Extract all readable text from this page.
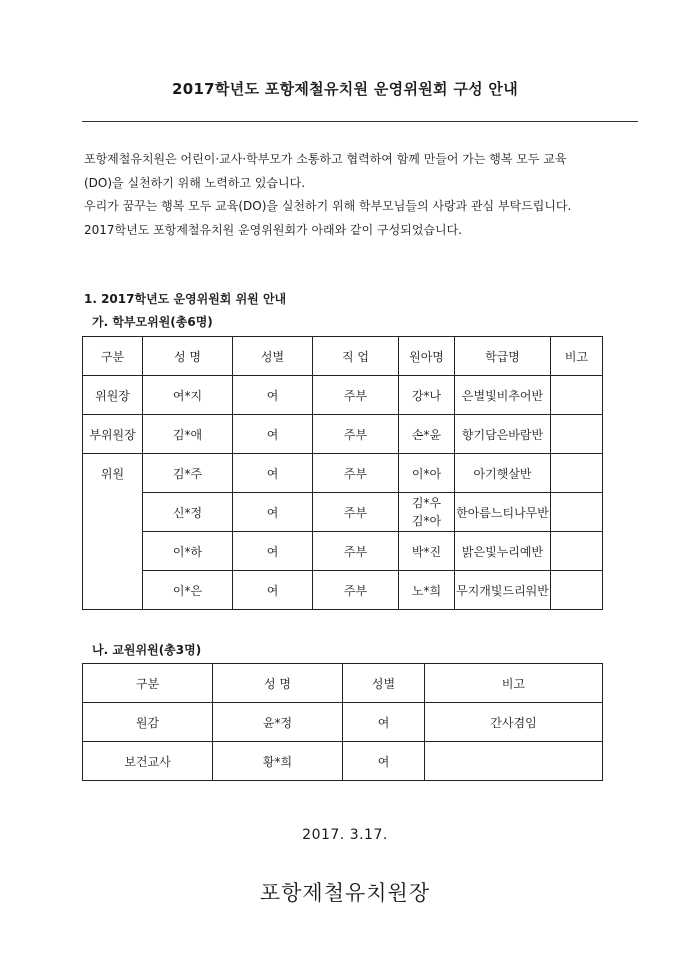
2017학년도 포항제철유치원 운영위원회 구성 안내

포항제철유치원은 어린이·교사·학부모가 소통하고 협력하여 함께 만들어 가는 행복 모두 교육

(DO)을 실천하기 위해 노력하고 있습니다.

우리가 꿈꾸는 행복 모두 교육(DO)을 실천하기 위해 학부모님들의 사랑과 관심 부탁드립니다.

2017학년도 포항제철유치원 운영위원회가 아래와 같이 구성되었습니다.

1. 2017학년도 운영위원회 위원 안내
가. 학부모위원(총6명)
구분	성 명	성별	직 업	원아명	학급명	비고
위원장	여*지	여	주부	강*나	은별빛비추어반	
부위원장	김*애	여	주부	손*윤	향기담은바람반	
위원	김*주	여	주부	이*아	아기햇살반	
	신*정	여	주부	김*우
김*아	한아름느티나무반	
	이*하	여	주부	박*진	밝은빛누리예반	
	이*은	여	주부	노*희	무지개빛드리워반	
나. 교원위원(총3명)
구분	성 명	성별	비고
원감	윤*정	여	간사겸임
보건교사	황*희	여	

2017. 3.17.

포항제철유치원장
